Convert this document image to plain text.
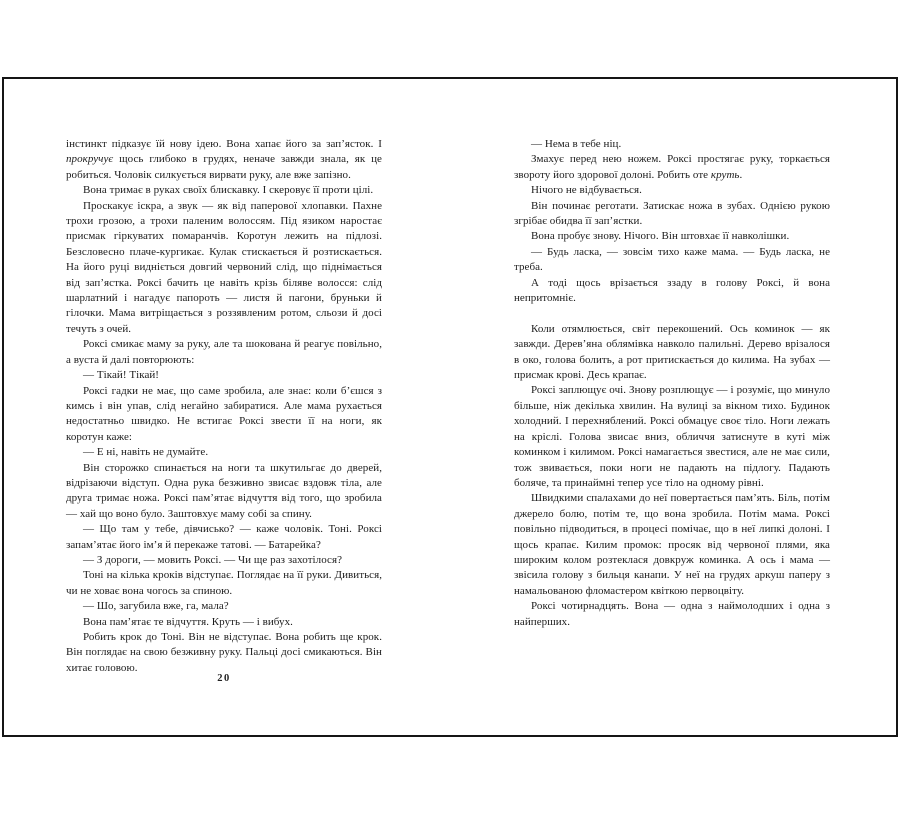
інстинкт підказує їй нову ідею. Вона хапає його за зап’ясток. І прокручує щось глибоко в грудях, неначе завжди знала, як це робиться. Чоловік силкується вирвати руку, але вже запізно.

Вона тримає в руках своїх блискавку. І скеровує її проти цілі.

Проскакує іскра, а звук — як від паперової хлопавки. Пахне трохи грозою, а трохи паленим волоссям. Під язиком наростає присмак гіркуватих помаранчів. Коротун лежить на підлозі. Безсловесно плаче-кургикає. Кулак стискається й розтискається. На його руці видніється довгий червоний слід, що піднімається від зап’ястка. Роксі бачить це навіть крізь біляве волосся: слід шарлатний і нагадує папороть — листя й пагони, бруньки й гілочки. Мама витріщається з роззявленим ротом, сльози й досі течуть з очей.

Роксі смикає маму за руку, але та шокована й реагує повільно, а вуста й далі повторюють:

— Тікай! Тікай!

Роксі гадки не має, що саме зробила, але знає: коли б’єшся з кимсь і він упав, слід негайно забиратися. Але мама рухається недостатньо швидко. Не встигає Роксі звести її на ноги, як коротун каже:

— Е ні, навіть не думайте.

Він сторожко спинається на ноги та шкутильгає до дверей, відрізаючи відступ. Одна рука безживно звисає вздовж тіла, але друга тримає ножа. Роксі пам’ятає відчуття від того, що зробила — хай що воно було. Заштовхує маму собі за спину.

— Що там у тебе, дівчисько? — каже чоловік. Тоні. Роксі запам’ятає його ім’я й перекаже татові. — Батарейка?

— З дороги, — мовить Роксі. — Чи ще раз захотілося?

Тоні на кілька кроків відступає. Поглядає на її руки. Дивиться, чи не ховає вона чогось за спиною.

— Шо, загубила вже, га, мала?

Вона пам’ятає те відчуття. Круть — і вибух.

Робить крок до Тоні. Він не відступає. Вона робить ще крок. Він поглядає на свою безживну руку. Пальці досі смикаються. Він хитає головою.

20

— Нема в тебе ніц.

Змахує перед нею ножем. Роксі простягає руку, торкається звороту його здорової долоні. Робить оте круть.

Нічого не відбувається.

Він починає реготати. Затискає ножа в зубах. Однією рукою згрібає обидва її зап’ястки.

Вона пробує знову. Нічого. Він штовхає її навколішки.

— Будь ласка, — зовсім тихо каже мама. — Будь ласка, не треба.

А тоді щось врізається ззаду в голову Роксі, й вона непритомніє.

Коли отямлюється, світ перекошений. Ось коминок — як завжди. Дерев’яна облямівка навколо палильні. Дерево врізалося в око, голова болить, а рот притискається до килима. На зубах — присмак крові. Десь крапає.

Роксі заплющує очі. Знову розплющує — і розуміє, що минуло більше, ніж декілька хвилин. На вулиці за вікном тихо. Будинок холодний. І перехняблений. Роксі обмацує своє тіло. Ноги лежать на кріслі. Голова звисає вниз, обличчя затиснуте в куті між коминком і килимом. Роксі намагається звестися, але не має сили, тож звивається, поки ноги не падають на підлогу. Падають боляче, та принаймні тепер усе тіло на одному рівні.

Швидкими спалахами до неї повертається пам’ять. Біль, потім джерело болю, потім те, що вона зробила. Потім мама. Роксі повільно підводиться, в процесі помічає, що в неї липкі долоні. І щось крапає. Килим промок: просяк від червоної плями, яка широким колом розтеклася довкруж коминка. А ось і мама — звісила голову з бильця канапи. У неї на грудях аркуш паперу з намальованою фломастером квіткою первоцвіту.

Роксі чотирнадцять. Вона — одна з наймолодших і одна з найперших.
